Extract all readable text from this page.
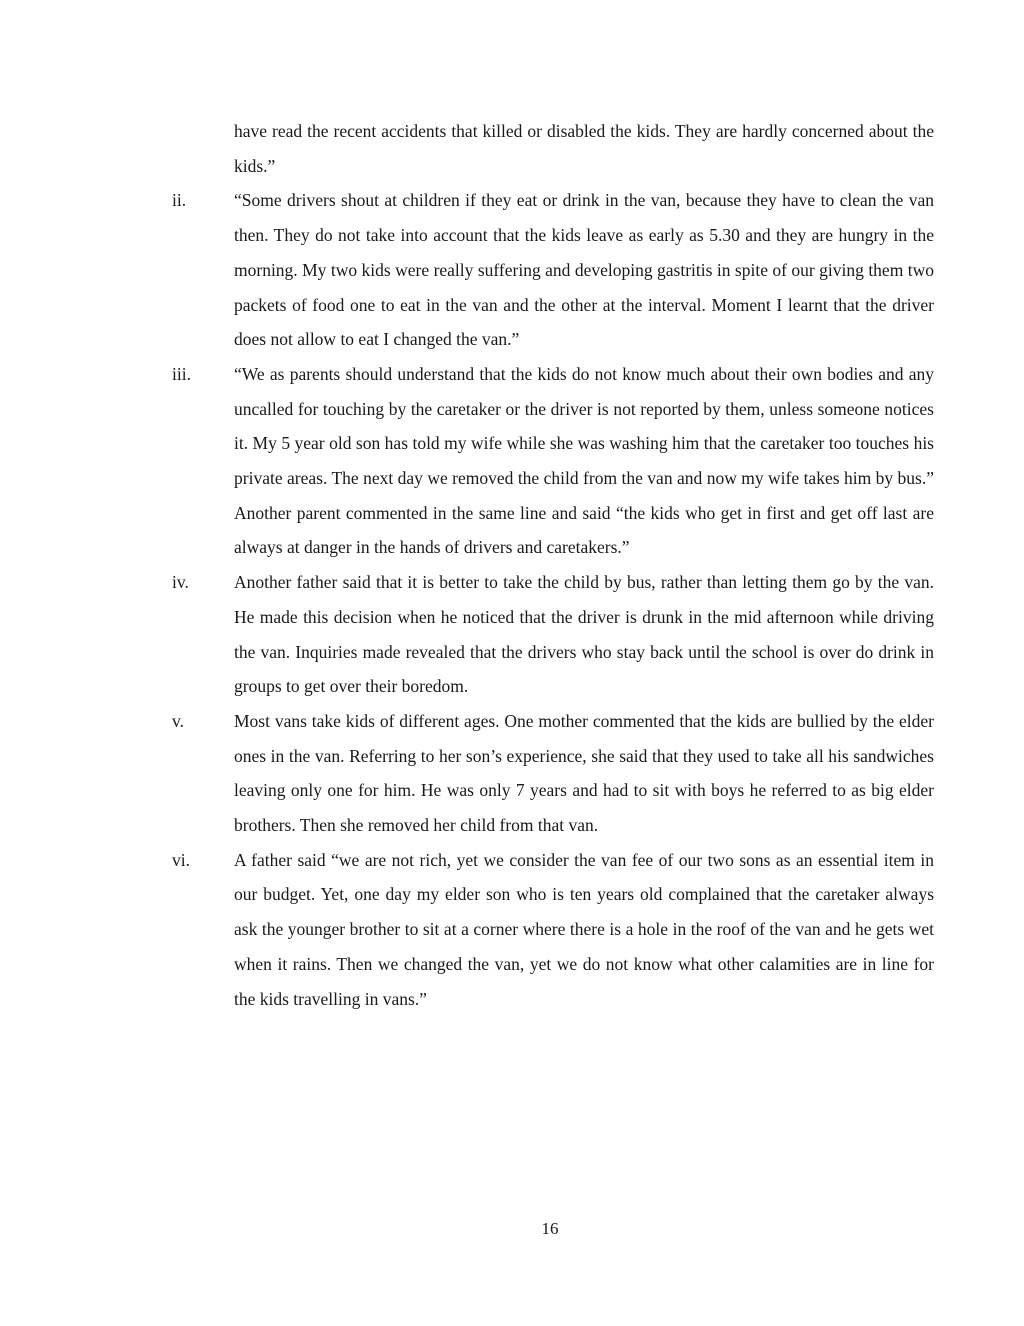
have read the recent accidents that killed or disabled the kids. They are hardly concerned about the kids.”

ii.	“Some drivers shout at children if they eat or drink in the van, because they have to clean the van then. They do not take into account that the kids leave as early as 5.30 and they are hungry in the morning. My two kids were really suffering and developing gastritis in spite of our giving them two packets of food one to eat in the van and the other at the interval. Moment I learnt that the driver does not allow to eat I changed the van.”

iii.	“We as parents should understand that the kids do not know much about their own bodies and any uncalled for touching by the caretaker or the driver is not reported by them, unless someone notices it. My 5 year old son has told my wife while she was washing him that the caretaker too touches his private areas. The next day we removed the child from the van and now my wife takes him by bus.” Another parent commented in the same line and said “the kids who get in first and get off last are always at danger in the hands of drivers and caretakers.”

iv.	Another father said that it is better to take the child by bus, rather than letting them go by the van. He made this decision when he noticed that the driver is drunk in the mid afternoon while driving the van. Inquiries made revealed that the drivers who stay back until the school is over do drink in groups to get over their boredom.

v.	Most vans take kids of different ages. One mother commented that the kids are bullied by the elder ones in the van. Referring to her son’s experience, she said that they used to take all his sandwiches leaving only one for him. He was only 7 years and had to sit with boys he referred to as big elder brothers. Then she removed her child from that van.

vi.	A father said “we are not rich, yet we consider the van fee of our two sons as an essential item in our budget. Yet, one day my elder son who is ten years old complained that the caretaker always ask the younger brother to sit at a corner where there is a hole in the roof of the van and he gets wet when it rains. Then we changed the van, yet we do not know what other calamities are in line for the kids travelling in vans.”

16
